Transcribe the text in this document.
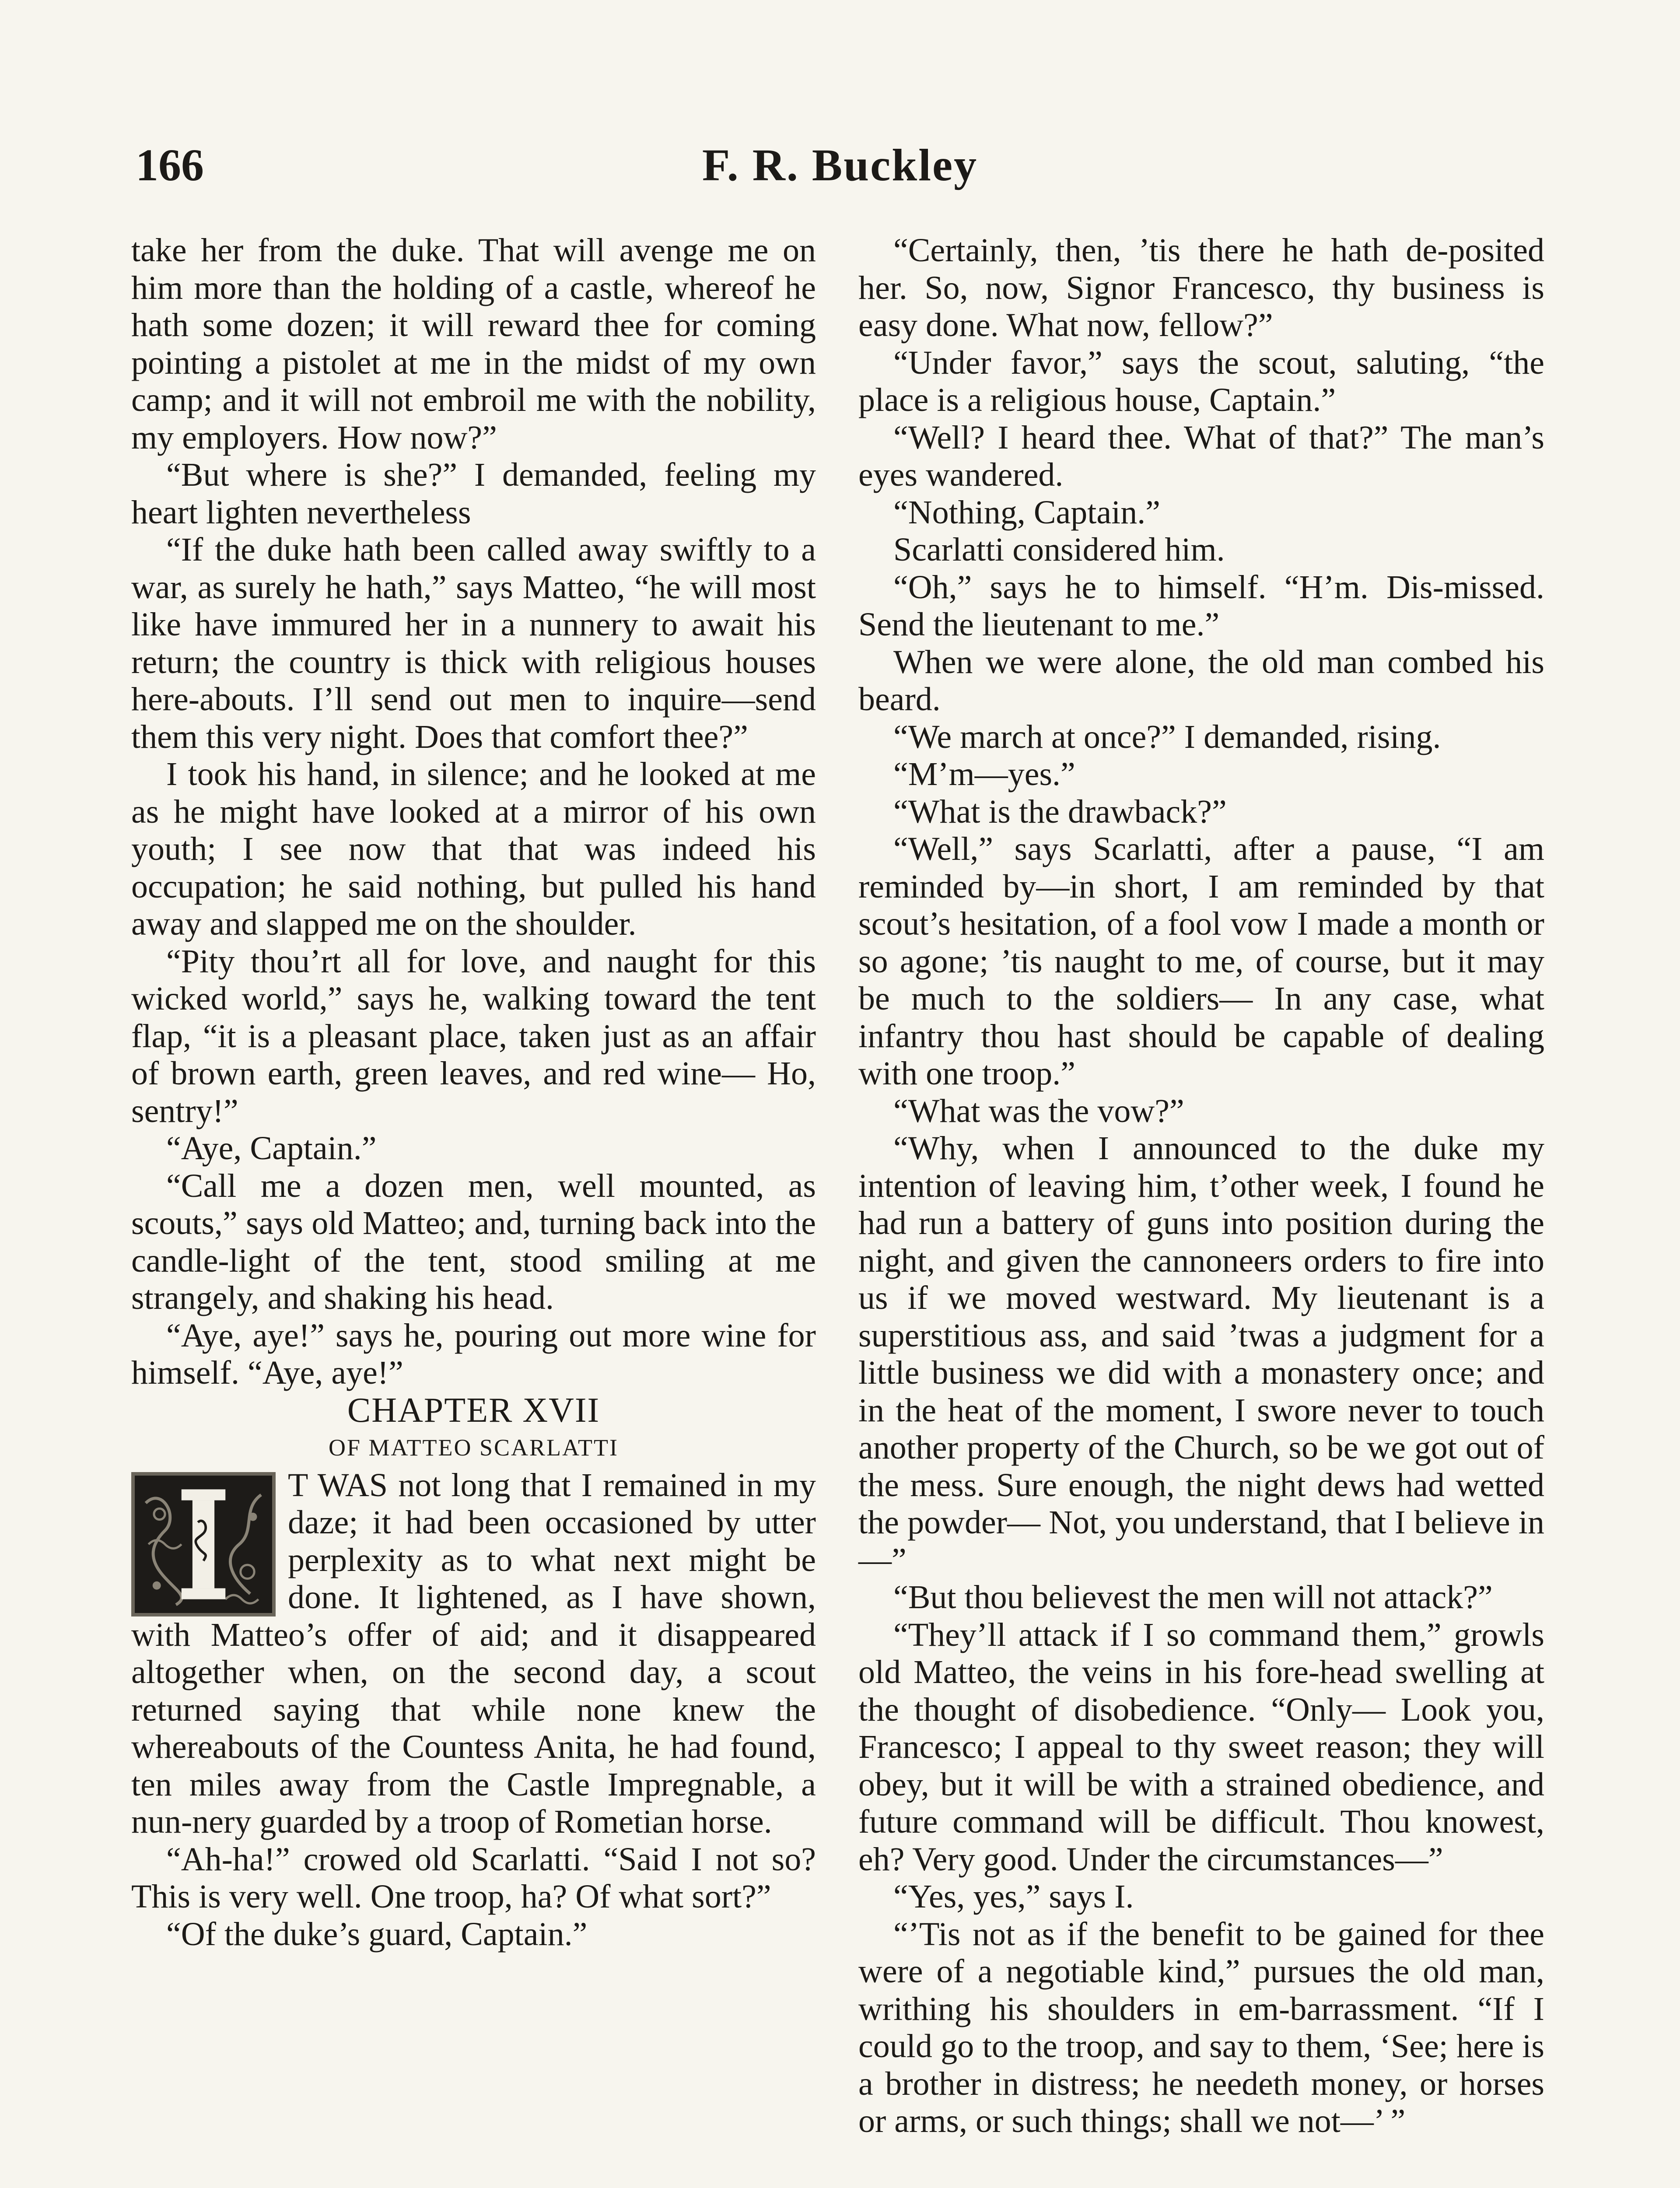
166	F. R. Buckley

take her from the duke. That will avenge me on him more than the holding of a castle, whereof he hath some dozen; it will reward thee for coming pointing a pistolet at me in the midst of my own camp; and it will not embroil me with the nobility, my employers. How now?”

“But where is she?” I demanded, feeling my heart lighten nevertheless

“If the duke hath been called away swiftly to a war, as surely he hath,” says Matteo, “he will most like have immured her in a nunnery to await his return; the country is thick with religious houses here-abouts. I’ll send out men to inquire—send them this very night. Does that comfort thee?”

I took his hand, in silence; and he looked at me as he might have looked at a mirror of his own youth; I see now that that was indeed his occupation; he said nothing, but pulled his hand away and slapped me on the shoulder.

“Pity thou’rt all for love, and naught for this wicked world,” says he, walking toward the tent flap, “it is a pleasant place, taken just as an affair of brown earth, green leaves, and red wine— Ho, sentry!”

“Aye, Captain.”

“Call me a dozen men, well mounted, as scouts,” says old Matteo; and, turning back into the candle-light of the tent, stood smiling at me strangely, and shaking his head.

“Aye, aye!” says he, pouring out more wine for himself. “Aye, aye!”

CHAPTER XVII

OF MATTEO SCARLATTI

T WAS not long that I remained in my daze; it had been occasioned by utter perplexity as to what next might be done. It lightened, as I have shown, with Matteo’s offer of aid; and it disappeared altogether when, on the second day, a scout returned saying that while none knew the whereabouts of the Countess Anita, he had found, ten miles away from the Castle Impregnable, a nun-nery guarded by a troop of Rometian horse.

“Ah-ha!” crowed old Scarlatti. “Said I not so? This is very well. One troop, ha? Of what sort?”

“Of the duke’s guard, Captain.”

“Certainly, then, ’tis there he hath de-posited her. So, now, Signor Francesco, thy business is easy done. What now, fellow?”

“Under favor,” says the scout, saluting, “the place is a religious house, Captain.”

“Well? I heard thee. What of that?” The man’s eyes wandered.

“Nothing, Captain.”

Scarlatti considered him.

“Oh,” says he to himself. “H’m. Dis-missed. Send the lieutenant to me.”

When we were alone, the old man combed his beard.

“We march at once?” I demanded, rising.

“M’m—yes.”

“What is the drawback?”

“Well,” says Scarlatti, after a pause, “I am reminded by—in short, I am reminded by that scout’s hesitation, of a fool vow I made a month or so agone; ’tis naught to me, of course, but it may be much to the soldiers— In any case, what infantry thou hast should be capable of dealing with one troop.”

“What was the vow?”

“Why, when I announced to the duke my intention of leaving him, t’other week, I found he had run a battery of guns into position during the night, and given the cannoneers orders to fire into us if we moved westward. My lieutenant is a superstitious ass, and said ’twas a judgment for a little business we did with a monastery once; and in the heat of the moment, I swore never to touch another property of the Church, so be we got out of the mess. Sure enough, the night dews had wetted the powder— Not, you understand, that I believe in—”

“But thou believest the men will not attack?”

“They’ll attack if I so command them,” growls old Matteo, the veins in his fore-head swelling at the thought of disobedience. “Only— Look you, Francesco; I appeal to thy sweet reason; they will obey, but it will be with a strained obedience, and future command will be difficult. Thou knowest, eh? Very good. Under the circumstances—”

“Yes, yes,” says I.

“’Tis not as if the benefit to be gained for thee were of a negotiable kind,” pursues the old man, writhing his shoulders in em-barrassment. “If I could go to the troop, and say to them, ‘See; here is a brother in distress; he needeth money, or horses or arms, or such things; shall we not—’ ”
